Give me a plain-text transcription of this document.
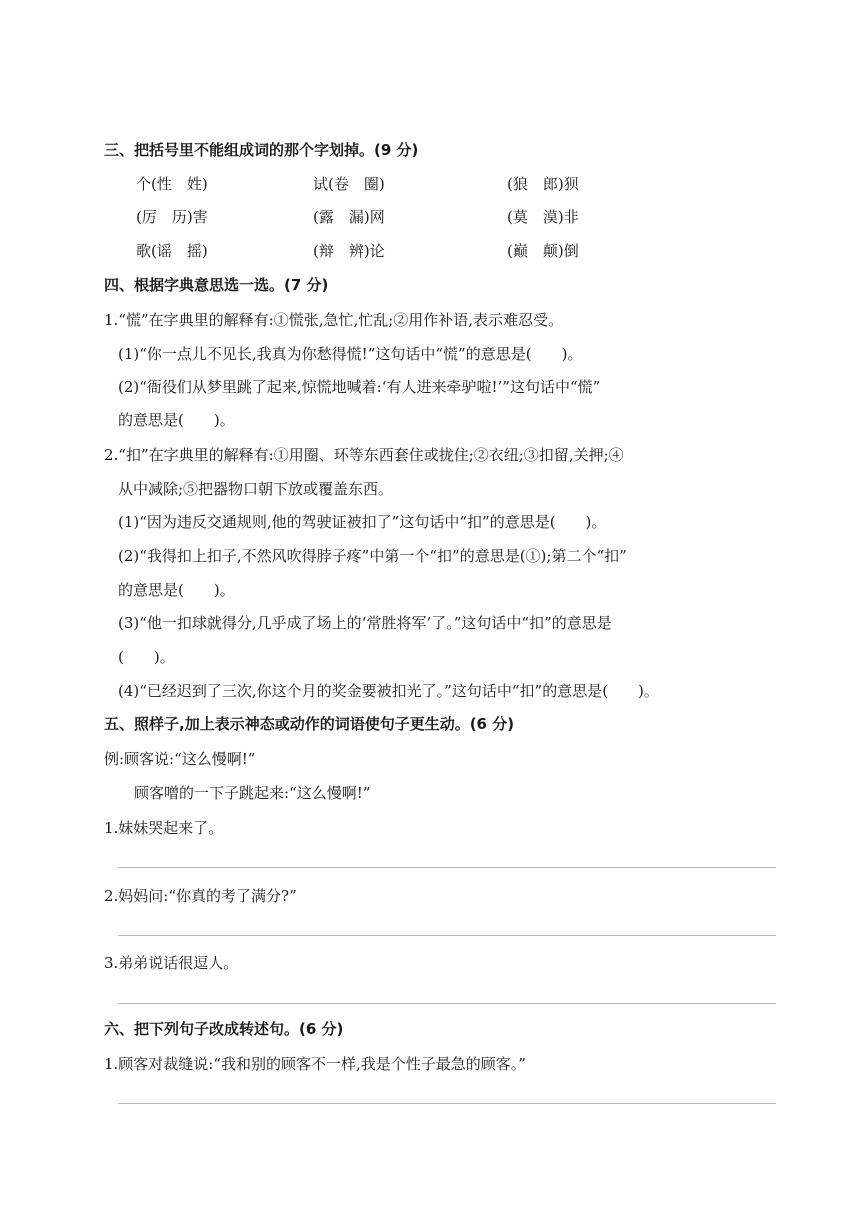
三、把括号里不能组成词的那个字划掉。(9 分)
个(性　姓)	试(卷　圈)	(狼　郎)狈
(厉　历)害	(露　漏)网	(莫　漠)非
歌(谣　摇)	(辩　辨)论	(巅　颠)倒
四、根据字典意思选一选。(7 分)
1.“慌”在字典里的解释有:①慌张,急忙,忙乱;②用作补语,表示难忍受。
(1)“你一点儿不见长,我真为你愁得慌!”这句话中“慌”的意思是(　　)。
(2)“衙役们从梦里跳了起来,惊慌地喊着:‘有人进来牵驴啦!’”这句话中“慌”
的意思是(　　)。
2.“扣”在字典里的解释有:①用圈、环等东西套住或拢住;②衣纽;③扣留,关押;④
从中减除;⑤把器物口朝下放或覆盖东西。
(1)“因为违反交通规则,他的驾驶证被扣了”这句话中“扣”的意思是(　　)。
(2)“我得扣上扣子,不然风吹得脖子疼”中第一个“扣”的意思是(①);第二个“扣”
的意思是(　　)。
(3)“他一扣球就得分,几乎成了场上的‘常胜将军’了。”这句话中“扣”的意思是
(　　)。
(4)“已经迟到了三次,你这个月的奖金要被扣光了。”这句话中“扣”的意思是(　　)。
五、照样子,加上表示神态或动作的词语使句子更生动。(6 分)
例:顾客说:“这么慢啊!”
顾客噌的一下子跳起来:“这么慢啊!”
1.妹妹哭起来了。
2.妈妈问:“你真的考了满分?”
3.弟弟说话很逗人。
六、把下列句子改成转述句。(6 分)
1.顾客对裁缝说:“我和别的顾客不一样,我是个性子最急的顾客。”
